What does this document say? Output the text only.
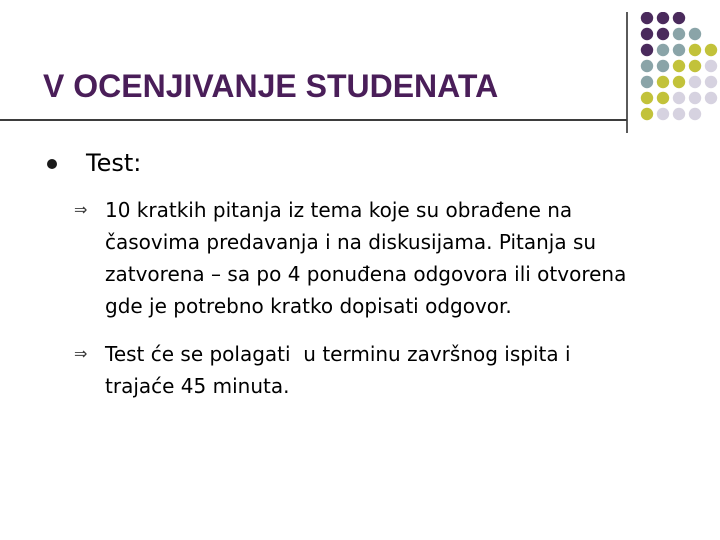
V OCENJIVANJE STUDENATA
Test:
⇒ 10 kratkih pitanja iz tema koje su obrađene na
časovima predavanja i na diskusijama. Pitanja su
zatvorena – sa po 4 ponuđena odgovora ili otvorena
gde je potrebno kratko dopisati odgovor.
⇒ Test će se polagati  u terminu završnog ispita i
trajaće 45 minuta.
